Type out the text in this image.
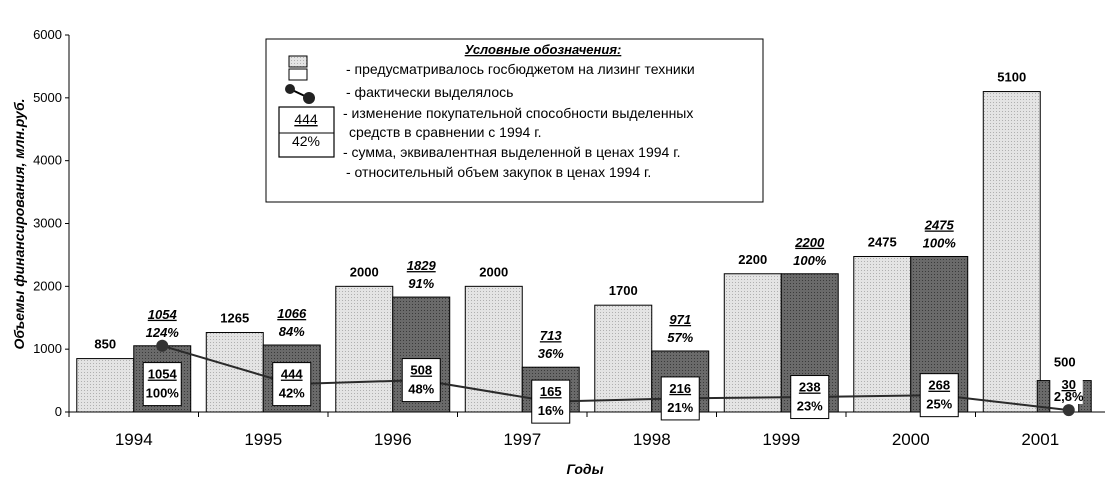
Объемы финансирования, млн.руб.
Годы
0
1000
2000
3000
4000
5000
6000
1054
100%
444
42%
508
48%	165
16%
216
21%
238
23%
268
25%
30
2,8%
850
1054
124%
1265 1066
84%
2000 1829
91%
2000
713
36%
1700
971
57%
2200
2200
100%
2475
2475
100%
5100
500
1994	1995	1996	1997	1998	1999	2000	2001
Условные обозначения:
- предусматривалось госбюджетом на лизинг техники
- фактически выделялось
444
42%
- изменение покупательной способности выделенных
средств в сравнении с 1994 г.
- сумма, эквивалентная выделенной в ценах 1994 г.
- относительный объем закупок в ценах 1994 г.
